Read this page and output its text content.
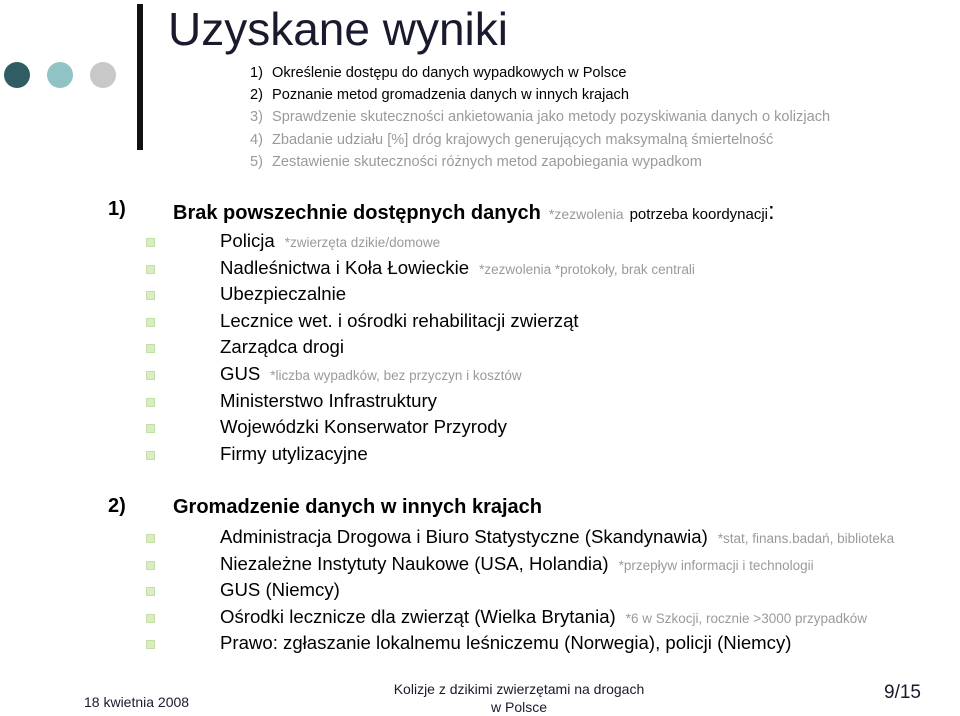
Uzyskane wyniki
1) Określenie dostępu do danych wypadkowych w Polsce
2) Poznanie metod gromadzenia danych w innych krajach
3) Sprawdzenie skuteczności ankietowania jako metody pozyskiwania danych o kolizjach
4) Zbadanie udziału [%] dróg krajowych generujących maksymalną śmiertelność
5) Zestawienie skuteczności różnych metod zapobiegania wypadkom
1) Brak powszechnie dostępnych danych *zezwolenia potrzeba koordynacji:
Policja *zwierzęta dzikie/domowe
Nadleśnictwa i Koła Łowieckie *zezwolenia *protokoły, brak centrali
Ubezpieczalnie
Lecznice wet. i ośrodki rehabilitacji zwierząt
Zarządca drogi
GUS *liczba wypadków, bez przyczyn i kosztów
Ministerstwo Infrastruktury
Wojewódzki Konserwator Przyrody
Firmy utylizacyjne
2) Gromadzenie danych w innych krajach
Administracja Drogowa i Biuro Statystyczne (Skandynawia) *stat, finans.badań, biblioteka
Niezależne Instytuty Naukowe (USA, Holandia) *przepływ informacji i technologii
GUS (Niemcy)
Ośrodki lecznicze dla zwierząt (Wielka Brytania) *6 w Szkocji, rocznie >3000 przypadków
Prawo: zgłaszanie lokalnemu leśniczemu (Norwegia), policji (Niemcy)
18 kwietnia 2008
Kolizje z dzikimi zwierzętami na drogach
w Polsce
9/15
